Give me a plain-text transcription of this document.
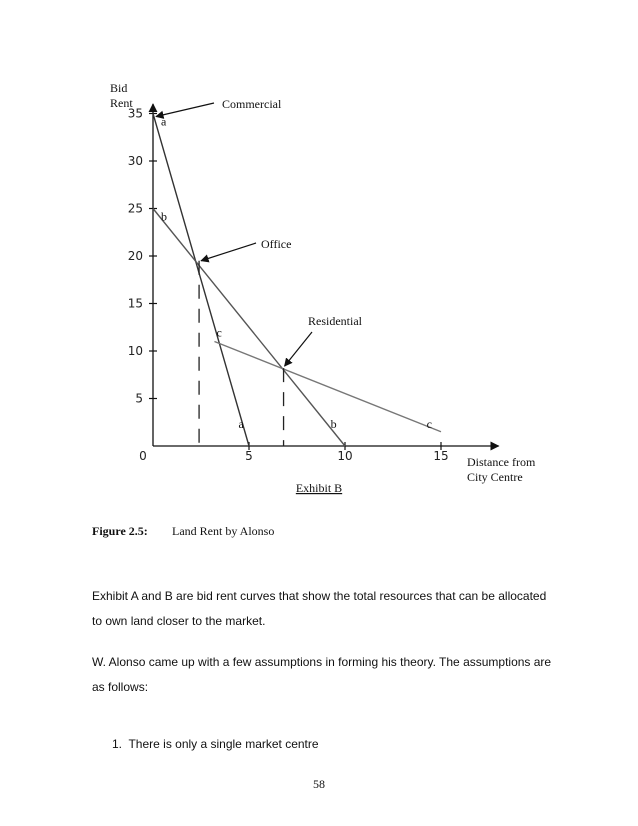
Bid Rent
Distance from City Centre
Exhibit B
5
10
15
20
25
30
35
0	5	10	15
a
b
c
a	b	c
Commercial
Office
Residential
Figure 2.5: Land Rent by Alonso
Exhibit A and B are bid rent curves that show the total resources that can be allocated to own land closer to the market.
W. Alonso came up with a few assumptions in forming his theory. The assumptions are as follows:
1. There is only a single market centre
58
